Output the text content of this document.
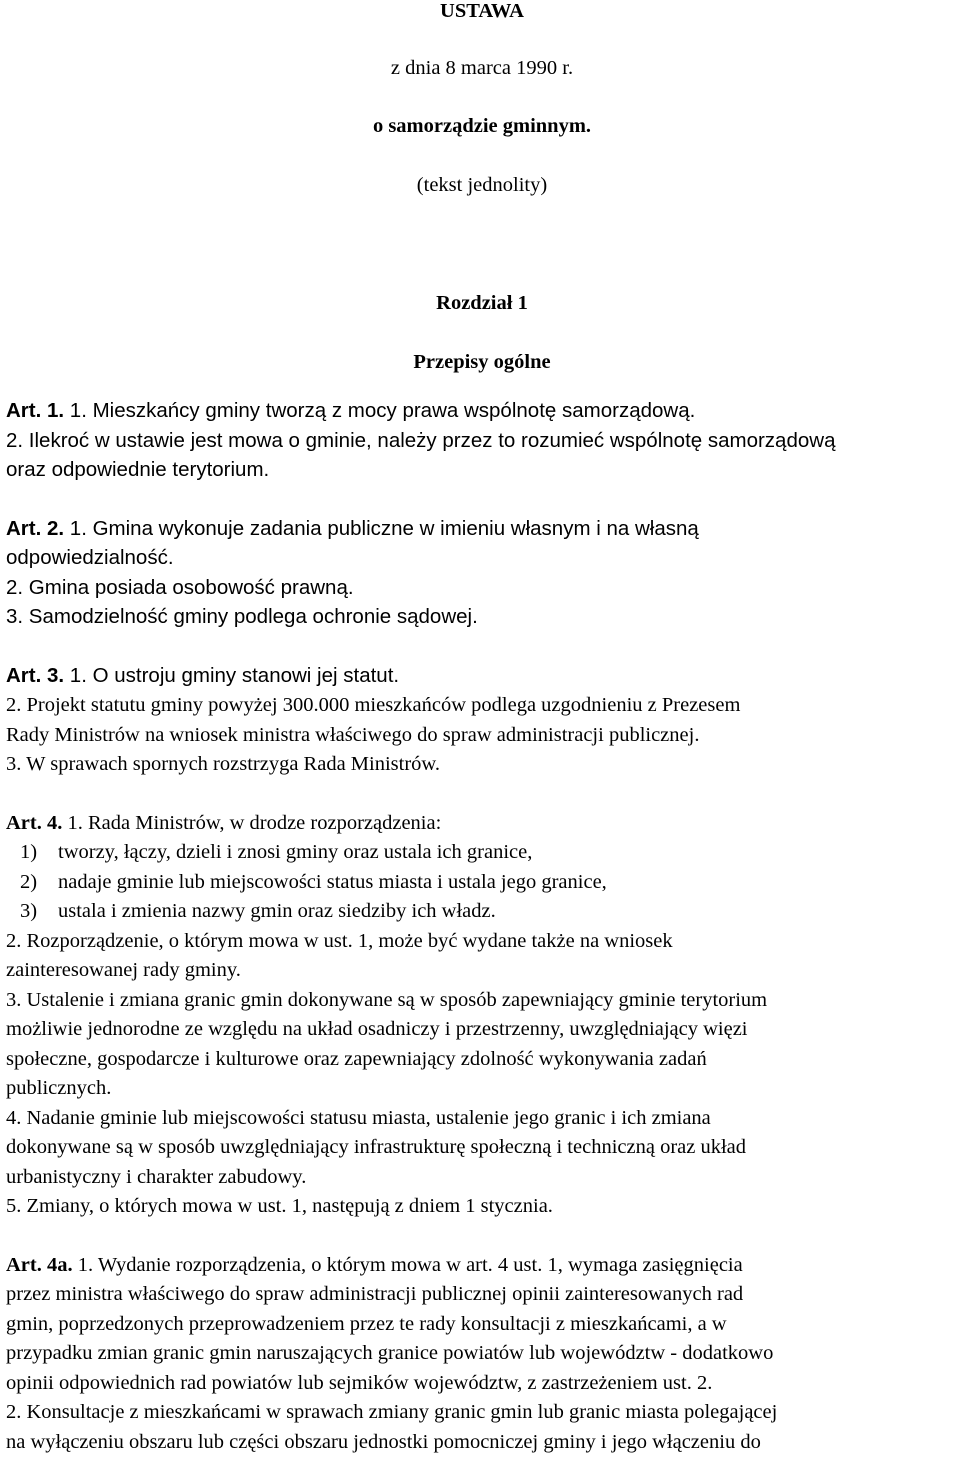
USTAWA

z dnia 8 marca 1990 r.

o samorządzie gminnym.

(tekst jednolity)

Rozdział 1

Przepisy ogólne

Art. 1. 1. Mieszkańcy gminy tworzą z mocy prawa wspólnotę samorządową.

2. Ilekroć w ustawie jest mowa o gminie, należy przez to rozumieć wspólnotę samorządową

oraz odpowiednie terytorium.

Art. 2. 1. Gmina wykonuje zadania publiczne w imieniu własnym i na własną

odpowiedzialność.

2. Gmina posiada osobowość prawną.

3. Samodzielność gminy podlega ochronie sądowej.

Art. 3. 1. O ustroju gminy stanowi jej statut.

2. Projekt statutu gminy powyżej 300.000 mieszkańców podlega uzgodnieniu z Prezesem

Rady Ministrów na wniosek ministra właściwego do spraw administracji publicznej.

3. W sprawach spornych rozstrzyga Rada Ministrów.

Art. 4. 1. Rada Ministrów, w drodze rozporządzenia:

1) tworzy, łączy, dzieli i znosi gminy oraz ustala ich granice,

2) nadaje gminie lub miejscowości status miasta i ustala jego granice,

3) ustala i zmienia nazwy gmin oraz siedziby ich władz.

2. Rozporządzenie, o którym mowa w ust. 1, może być wydane także na wniosek

zainteresowanej rady gminy.

3. Ustalenie i zmiana granic gmin dokonywane są w sposób zapewniający gminie terytorium

możliwie jednorodne ze względu na układ osadniczy i przestrzenny, uwzględniający więzi

społeczne, gospodarcze i kulturowe oraz zapewniający zdolność wykonywania zadań

publicznych.

4. Nadanie gminie lub miejscowości statusu miasta, ustalenie jego granic i ich zmiana

dokonywane są w sposób uwzględniający infrastrukturę społeczną i techniczną oraz układ

urbanistyczny i charakter zabudowy.

5. Zmiany, o których mowa w ust. 1, następują z dniem 1 stycznia.

Art. 4a. 1. Wydanie rozporządzenia, o którym mowa w art. 4 ust. 1, wymaga zasięgnięcia

przez ministra właściwego do spraw administracji publicznej opinii zainteresowanych rad

gmin, poprzedzonych przeprowadzeniem przez te rady konsultacji z mieszkańcami, a w

przypadku zmian granic gmin naruszających granice powiatów lub województw - dodatkowo

opinii odpowiednich rad powiatów lub sejmików województw, z zastrzeżeniem ust. 2.

2. Konsultacje z mieszkańcami w sprawach zmiany granic gmin lub granic miasta polegającej

na wyłączeniu obszaru lub części obszaru jednostki pomocniczej gminy i jego włączeniu do
